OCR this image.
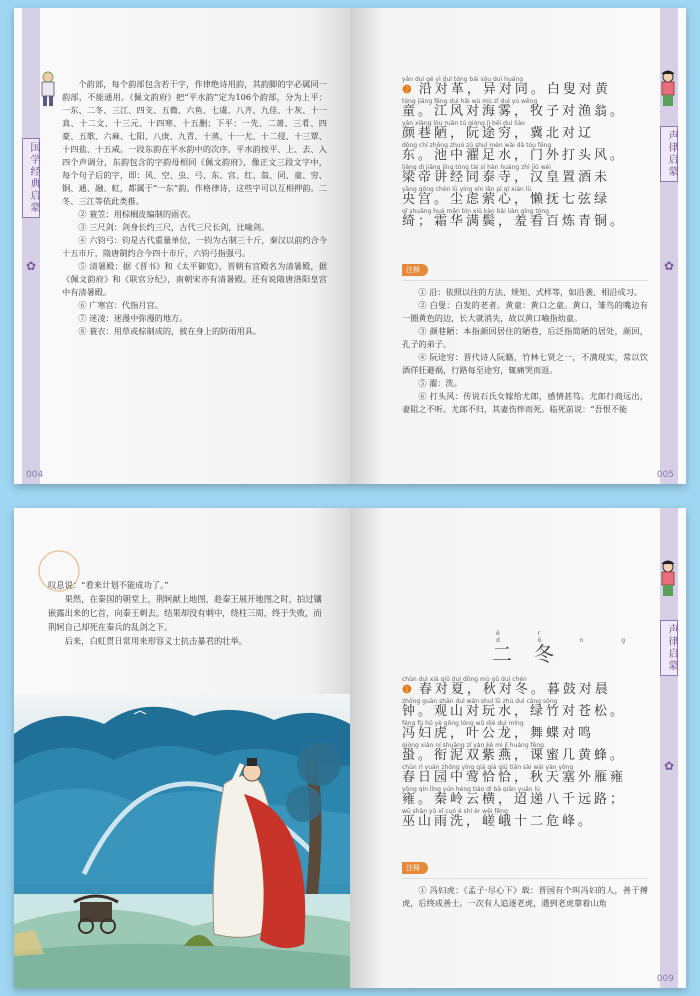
国学经典启蒙
✿
004

个韵部，每个韵部包含若干字，作律绝诗用韵，其韵脚的字必属同一韵部，不能通用。《佩文韵府》把“平水韵”定为106个韵部，分为上平：一东、二冬、三江、四支、五微、六鱼、七虞、八齐、九佳、十灰、十一真、十二文、十三元、十四寒、十五删；下平：一先、二萧、三肴、四豪、五歌、六麻、七阳、八庚、九青、十蒸、十一尤、十二侵、十三覃、十四盐、十五咸。一段东韵在平水韵中的次序。平水韵按平、上、去、入四个声调分，东韵包含的字韵母相同《佩文韵府》，像正文三段文字中，每个句子后的字，即：风、空、虫、弓、东、宫、红、翁、同、童、穷、铜、通、融、虹，都属于“一东”韵。作格律诗，这些字可以互相押韵。二冬、三江等依此类推。

② 蓑笠：用棕榈皮编制的雨衣。

③ 三尺剑：剑身长约三尺，古代三尺长剑，比喻剑。

④ 六钧弓：钧是古代重量单位，一钧为古制三十斤，秦汉以前约合今十五市斤，隋唐制约合今四十市斤，六钧弓指强弓。

⑤ 清暑殿：据《晋书》和《太平御览》，晋朝有宫殿名为清暑殿，据《佩文韵府》和《联官分纪》，南朝宋亦有清暑殿。还有说隋唐洛阳皇宫中有清暑殿。

⑥ 广寒宫：代指月宫。

⑦ 迷凌：迷漫中弥漫的地方。

⑧ 蓑衣：用草或棕制成的，披在身上的防雨用具。

声律启蒙
✿
005
yán duì gé yì duì tóng bái sǒu duì huáng
❷ 沿对革，异对同。白叟对黄
tóng jiāng fēng duì hǎi wù mù zǐ duì yú wēng
童。江风对海雾，牧子对渔翁。
yán xiàng lòu ruǎn tú qióng jì běi duì liáo
颜巷陋，阮途穷，冀北对辽
dōng chí zhōng zhuó zú shuǐ mén wài dǎ tóu fēng
东。池中濯足水，门外打头风。
liáng dì jiǎng jīng tóng tài sì hàn huáng zhì jiǔ wèi
梁帝讲经同泰寺，汉皇置酒未
yāng gōng chén lǜ yíng xīn lǎn pī qī xián lǜ
央宫。尘虑萦心，懒抚七弦绿
qǐ shuāng huá mǎn bìn xiū kàn bǎi liàn qīng tóng
绮；霜华满鬓，羞看百炼青铜。
注释

① 沿：依照以往的方法、规矩、式样等，如沿袭、相沿成习。

② 白叟：白发的老者。黄童：黄口之童。黄口，雏鸟的嘴边有一圈黄色的边，长大就消失，故以黄口喻指幼童。

③ 颜巷陋：本指颜回居住的陋巷，后泛指简陋的居处，颜回，孔子的弟子。

④ 阮途穷：晋代诗人阮籍，竹林七贤之一，不满现实，常以饮酒佯狂避祸，行路每至途穷，辄痛哭而返。

⑤ 濯：洗。

⑥ 打头风：传说石氏女嫁给尤郎，感情甚笃。尤郎行商远出，妻阻之不听。尤郎不归，其妻伤悴而死。临死前说：“吾恨不能

叹息说：“看来计划不能成功了。”

果然，在秦国的朝堂上，荆轲献上地图，趁秦王展开地图之时，拍过镶嵌露出来的匕首，向秦王刺去。结果却没有刺中，绕柱三周，终于失败，而荆轲自己却死在秦兵的乱剑之下。

后来，白虹贯日常用来形容义士抗击暴君的壮举。	声律启蒙
✿
009
èr dōng
二冬
chūn duì xià qiū duì dōng mù gǔ duì chén
❶ 春对夏，秋对冬。暮鼓对晨
zhōng guān shān duì wán shuǐ lǜ zhú duì cāng sōng
钟。观山对玩水，绿竹对苍松。
féng fù hǔ yè gōng lóng wǔ dié duì míng
冯妇虎，叶公龙，舞蝶对鸣
qióng xián ní shuāng zǐ yàn kè mì jǐ huáng fēng
蛩。衔泥双紫燕，课蜜几黄蜂。
chūn rì yuán zhōng yīng qià qià qiū tiān sài wài yàn yōng
春日园中莺恰恰，秋天塞外雁雍
yōng qín lǐng yún héng tiáo dì bā qiān yuǎn lù
雍。秦岭云横，迢递八千远路；
wū shān yǔ xǐ cuó é shí èr wēi fēng
巫山雨洗，嵯峨十二危峰。
注释

① 冯妇虎：《孟子·尽心下》载：晋国有个叫冯妇的人，善于搏虎，后终成善士。一次有人追逐老虎，遇到老虎靠着山角
